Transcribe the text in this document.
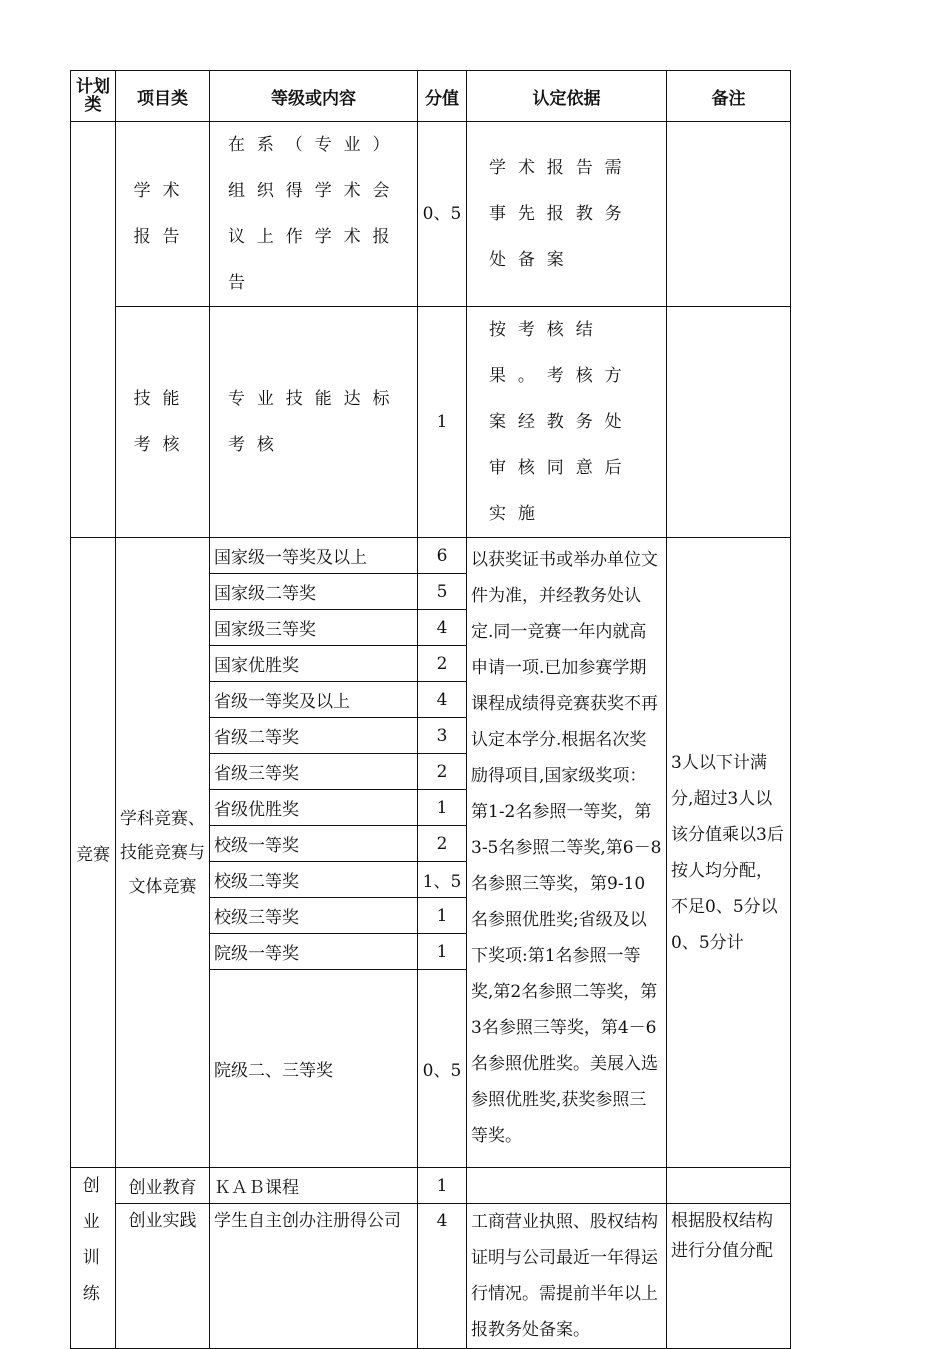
计划类	项目类	等级或内容	分值	认定依据	备注
	学术报告	在系（专业）组织得学术会议上作学术报告	0、5	学术报告需事先报教务处备案	
	技能考核	专业技能达标考核	1	按考核结果。考核方案经教务处审核同意后实施	
竞赛	学科竞赛、技能竞赛与文体竞赛	国家级一等奖及以上	6	以获奖证书或举办单位文件为准，并经教务处认定.同一竞赛一年内就高申请一项.已加参赛学期课程成绩得竞赛获奖不再认定本学分.根据名次奖励得项目,国家级奖项：第1-2名参照一等奖，第3-5名参照二等奖,第6－8名参照三等奖，第9-10名参照优胜奖;省级及以下奖项:第1名参照一等奖,第2名参照二等奖，第3名参照三等奖，第4－6名参照优胜奖。美展入选参照优胜奖,获奖参照三等奖。	3人以下计满分,超过3人以该分值乘以3后按人均分配，不足0、5分以0、5分计
		国家级二等奖	5		
		国家级三等奖	4		
		国家优胜奖	2		
		省级一等奖及以上	4		
		省级二等奖	3		
		省级三等奖	2		
		省级优胜奖	1		
		校级一等奖	2		
		校级二等奖	1、5		
		校级三等奖	1		
		院级一等奖	1		
		院级二、三等奖	0、5		
创业训练	创业教育	ＫＡＢ课程	1		
	创业实践	学生自主创办注册得公司	4	工商营业执照、股权结构证明与公司最近一年得运行情况。需提前半年以上报教务处备案。	根据股权结构进行分值分配
